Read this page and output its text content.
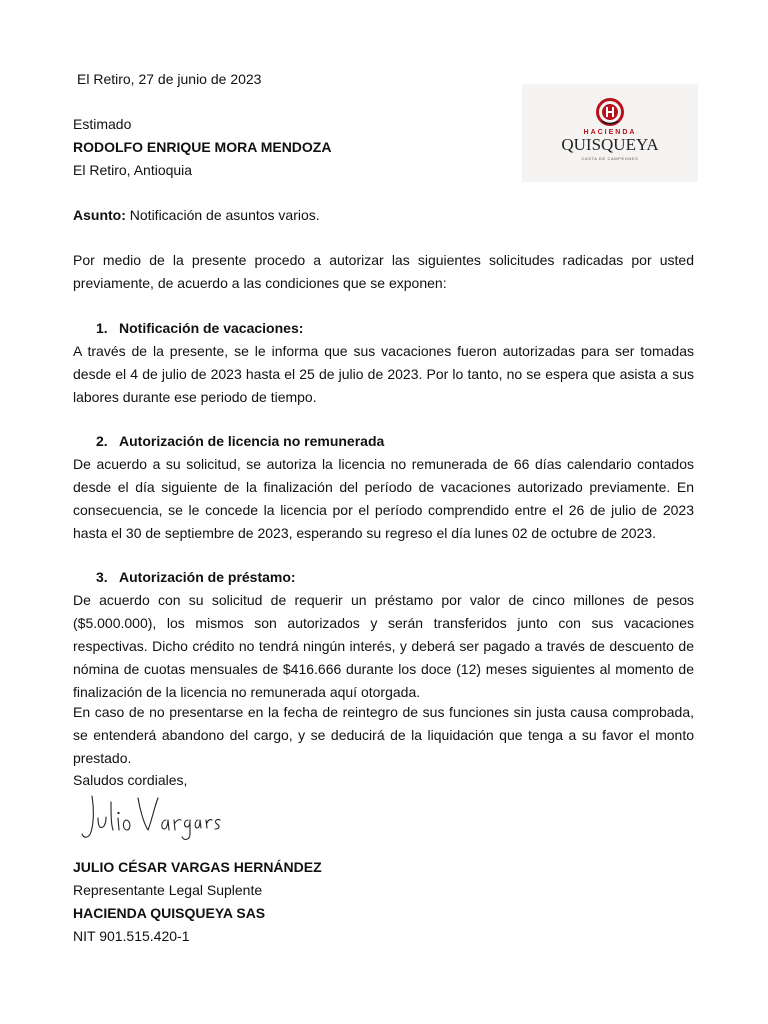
El Retiro, 27 de junio de 2023
HACIENDA
QUISQUEYA
CASTA DE CAMPEONES
Estimado
RODOLFO ENRIQUE MORA MENDOZA
El Retiro, Antioquia
Asunto: Notificación de asuntos varios.
Por medio de la presente procedo a autorizar las siguientes solicitudes radicadas por usted previamente, de acuerdo a las condiciones que se exponen:
1. Notificación de vacaciones:
A través de la presente, se le informa que sus vacaciones fueron autorizadas para ser tomadas desde el 4 de julio de 2023 hasta el 25 de julio de 2023. Por lo tanto, no se espera que asista a sus labores durante ese periodo de tiempo.
2. Autorización de licencia no remunerada
De acuerdo a su solicitud, se autoriza la licencia no remunerada de 66 días calendario contados desde el día siguiente de la finalización del período de vacaciones autorizado previamente. En consecuencia, se le concede la licencia por el período comprendido entre el 26 de julio de 2023 hasta el 30 de septiembre de 2023, esperando su regreso el día lunes 02 de octubre de 2023.
3. Autorización de préstamo:
De acuerdo con su solicitud de requerir un préstamo por valor de cinco millones de pesos ($5.000.000), los mismos son autorizados y serán transferidos junto con sus vacaciones respectivas. Dicho crédito no tendrá ningún interés, y deberá ser pagado a través de descuento de nómina de cuotas mensuales de $416.666 durante los doce (12) meses siguientes al momento de finalización de la licencia no remunerada aquí otorgada.
En caso de no presentarse en la fecha de reintegro de sus funciones sin justa causa comprobada, se entenderá abandono del cargo, y se deducirá de la liquidación que tenga a su favor el monto prestado.
Saludos cordiales,
JULIO CÉSAR VARGAS HERNÁNDEZ
Representante Legal Suplente
HACIENDA QUISQUEYA SAS
NIT 901.515.420-1
